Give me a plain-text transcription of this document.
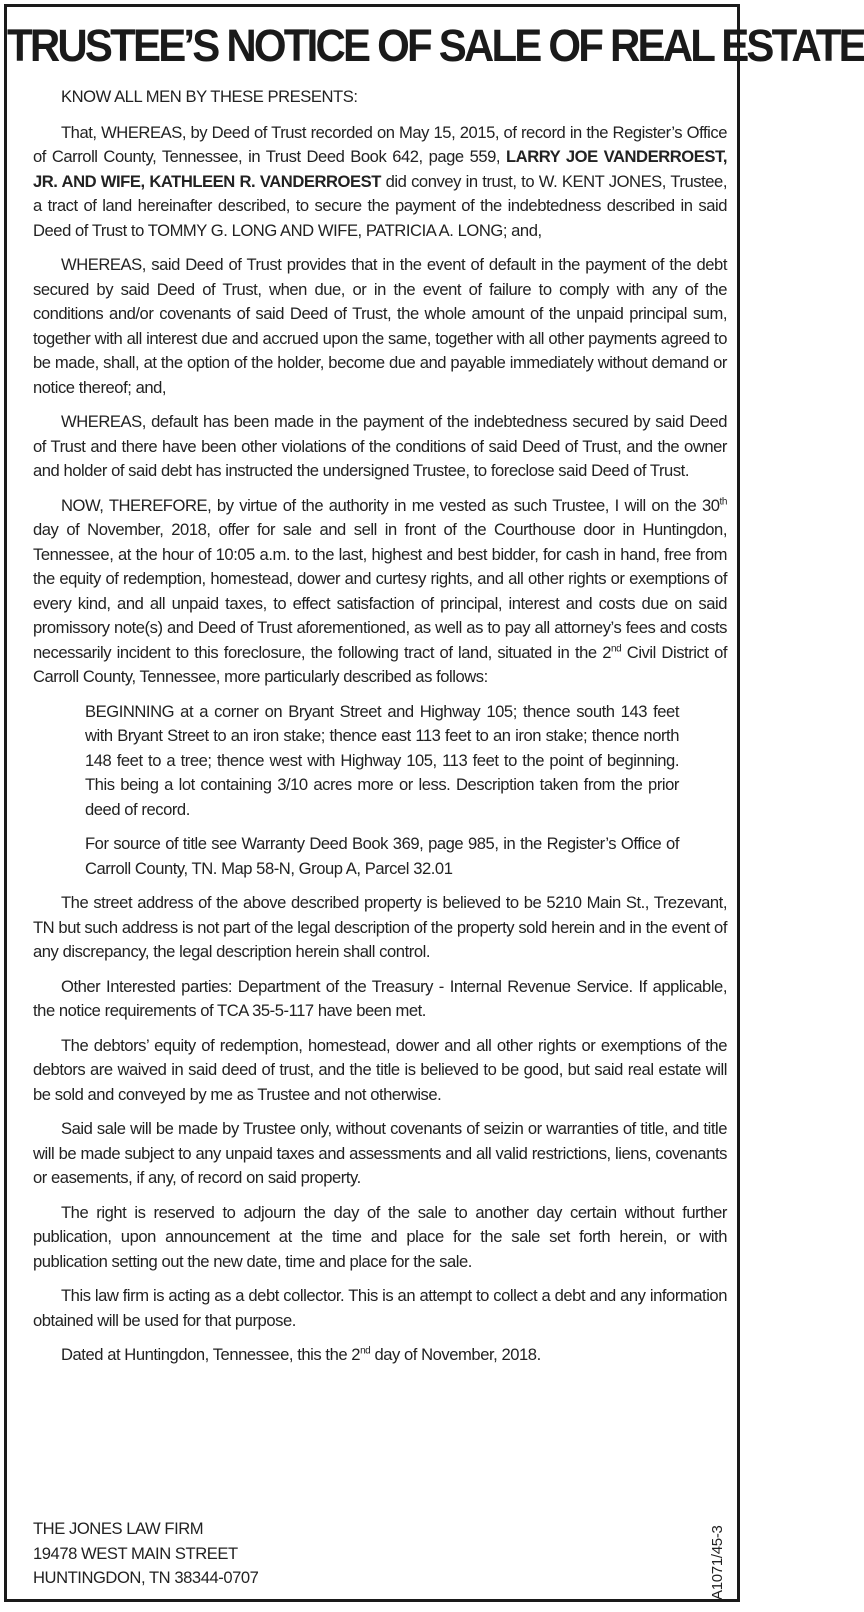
TRUSTEE’S NOTICE OF SALE OF REAL ESTATE

KNOW ALL MEN BY THESE PRESENTS:

That, WHEREAS, by Deed of Trust recorded on May 15, 2015, of record in the Register’s Office of Carroll County, Tennessee, in Trust Deed Book 642, page 559, LARRY JOE VANDERROEST, JR. AND WIFE, KATHLEEN R. VANDERROEST did convey in trust, to W. KENT JONES, Trustee, a tract of land hereinafter described, to secure the payment of the indebtedness described in said Deed of Trust to TOMMY G. LONG AND WIFE, PATRICIA A. LONG; and,

WHEREAS, said Deed of Trust provides that in the event of default in the payment of the debt secured by said Deed of Trust, when due, or in the event of failure to comply with any of the conditions and/or covenants of said Deed of Trust, the whole amount of the unpaid principal sum, together with all interest due and accrued upon the same, together with all other payments agreed to be made, shall, at the option of the holder, become due and payable immediately without demand or notice thereof; and,

WHEREAS, default has been made in the payment of the indebtedness secured by said Deed of Trust and there have been other violations of the conditions of said Deed of Trust, and the owner and holder of said debt has instructed the undersigned Trustee, to foreclose said Deed of Trust.

NOW, THEREFORE, by virtue of the authority in me vested as such Trustee, I will on the 30th day of November, 2018, offer for sale and sell in front of the Courthouse door in Huntingdon, Tennessee, at the hour of 10:05 a.m. to the last, highest and best bidder, for cash in hand, free from the equity of redemption, homestead, dower and curtesy rights, and all other rights or exemptions of every kind, and all unpaid taxes, to effect satisfaction of principal, interest and costs due on said promissory note(s) and Deed of Trust aforementioned, as well as to pay all attorney’s fees and costs necessarily incident to this foreclosure, the following tract of land, situated in the 2nd Civil District of Carroll County, Tennessee, more particularly described as follows:

BEGINNING at a corner on Bryant Street and Highway 105; thence south 143 feet with Bryant Street to an iron stake; thence east 113 feet to an iron stake; thence north 148 feet to a tree; thence west with Highway 105, 113 feet to the point of beginning. This being a lot containing 3/10 acres more or less. Description taken from the prior deed of record.

For source of title see Warranty Deed Book 369, page 985, in the Register’s Office of Carroll County, TN. Map 58-N, Group A, Parcel 32.01

The street address of the above described property is believed to be 5210 Main St., Trezevant, TN but such address is not part of the legal description of the property sold herein and in the event of any discrepancy, the legal description herein shall control.

Other Interested parties: Department of the Treasury - Internal Revenue Service. If applicable, the notice requirements of TCA 35-5-117 have been met.

The debtors’ equity of redemption, homestead, dower and all other rights or exemptions of the debtors are waived in said deed of trust, and the title is believed to be good, but said real estate will be sold and conveyed by me as Trustee and not otherwise.

Said sale will be made by Trustee only, without covenants of seizin or warranties of title, and title will be made subject to any unpaid taxes and assessments and all valid restrictions, liens, covenants or easements, if any, of record on said property.

The right is reserved to adjourn the day of the sale to another day certain without further publication, upon announcement at the time and place for the sale set forth herein, or with publication setting out the new date, time and place for the sale.

This law firm is acting as a debt collector. This is an attempt to collect a debt and any information obtained will be used for that purpose.

Dated at Huntingdon, Tennessee, this the 2nd day of November, 2018.

THE JONES LAW FIRM
19478 WEST MAIN STREET
HUNTINGDON, TN 38344-0707	A1071/45-3
